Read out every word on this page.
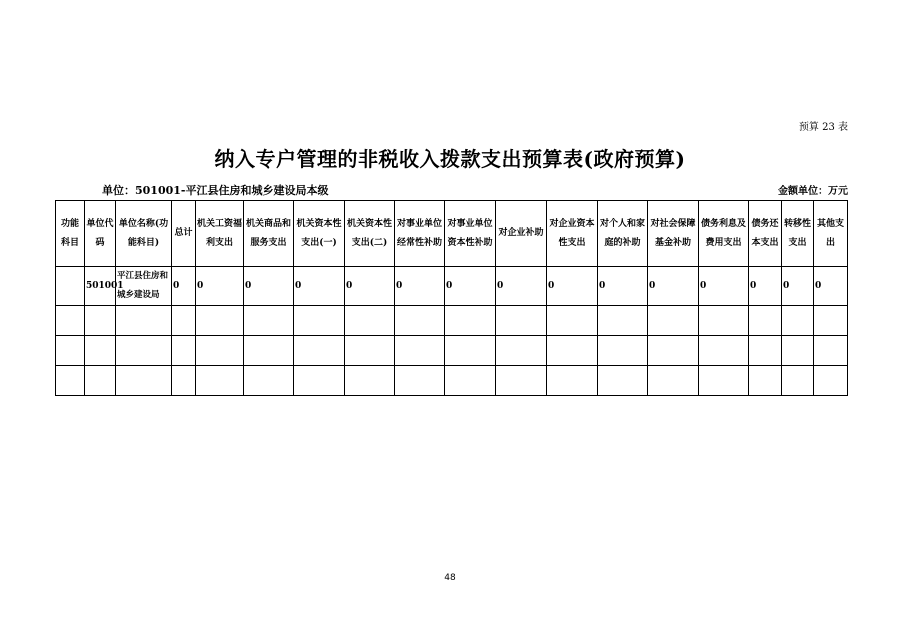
预算 23 表
纳入专户管理的非税收入拨款支出预算表(政府预算)
单位：501001-平江县住房和城乡建设局本级	金额单位：万元
功能科目	单位代码	单位名称(功能科目)	总计	机关工资福利支出	机关商品和服务支出	机关资本性支出(一)	机关资本性支出(二)	对事业单位经常性补助	对事业单位资本性补助	对企业补助	对企业资本性支出	对个人和家庭的补助	对社会保障基金补助	债务利息及费用支出	债务还本支出	转移性支出	其他支出
	501001	平江县住房和城乡建设局	0	0	0	0	0	0	0	0	0	0	0	0	0	0	0

48
